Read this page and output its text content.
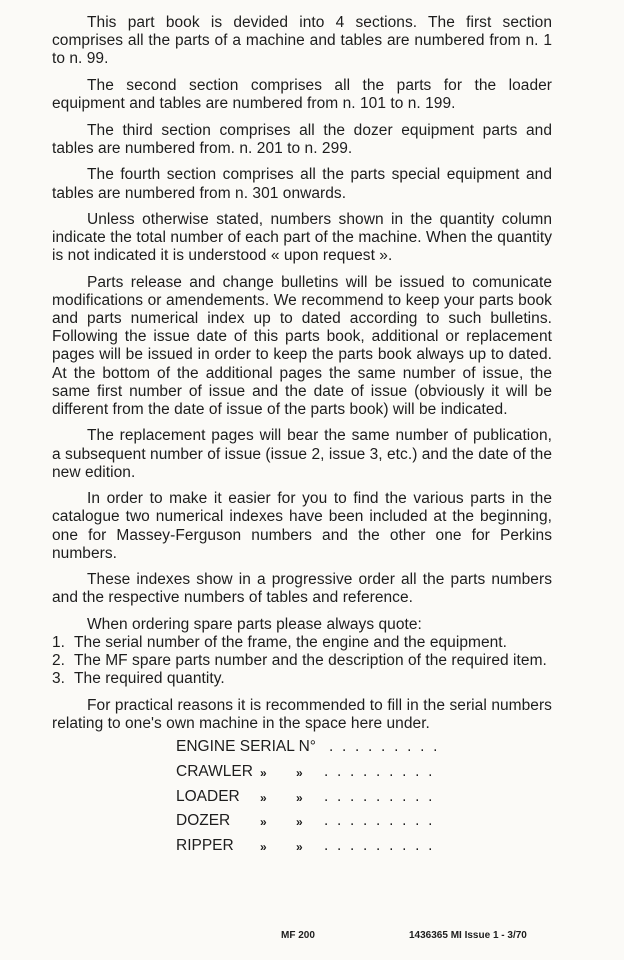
This part book is devided into 4 sections. The first section comprises all the parts of a machine and tables are numbered from n. 1 to n. 99.

The second section comprises all the parts for the loader equipment and tables are numbered from n. 101 to n. 199.

The third section comprises all the dozer equipment parts and tables are numbered from. n. 201 to n. 299.

The fourth section comprises all the parts special equipment and tables are numbered from n. 301 onwards.

Unless otherwise stated, numbers shown in the quantity column indicate the total number of each part of the machine. When the quantity is not indicated it is understood « upon request ».

Parts release and change bulletins will be issued to comunicate modifications or amendements. We recommend to keep your parts book and parts numerical index up to dated according to such bulletins. Following the issue date of this parts book, additional or replacement pages will be issued in order to keep the parts book always up to dated. At the bottom of the additional pages the same number of issue, the same first number of issue and the date of issue (obviously it will be different from the date of issue of the parts book) will be indicated.

The replacement pages will bear the same number of publication, a subsequent number of issue (issue 2, issue 3, etc.) and the date of the new edition.

In order to make it easier for you to find the various parts in the catalogue two numerical indexes have been included at the beginning, one for Massey-Ferguson numbers and the other one for Perkins numbers.

These indexes show in a progressive order all the parts numbers and the respective numbers of tables and reference.

When ordering spare parts please always quote:

1. The serial number of the frame, the engine and the equipment.
2. The MF spare parts number and the description of the required item.
3. The required quantity.

For practical reasons it is recommended to fill in the serial numbers relating to one's own machine in the space here under.

ENGINE SERIAL N° . . . . . . . . .
CRAWLER » » . . . . . . . . .
LOADER » » . . . . . . . . .
DOZER » » . . . . . . . . .
RIPPER » » . . . . . . . . .
MF 200	1436365 MI Issue 1 - 3/70
